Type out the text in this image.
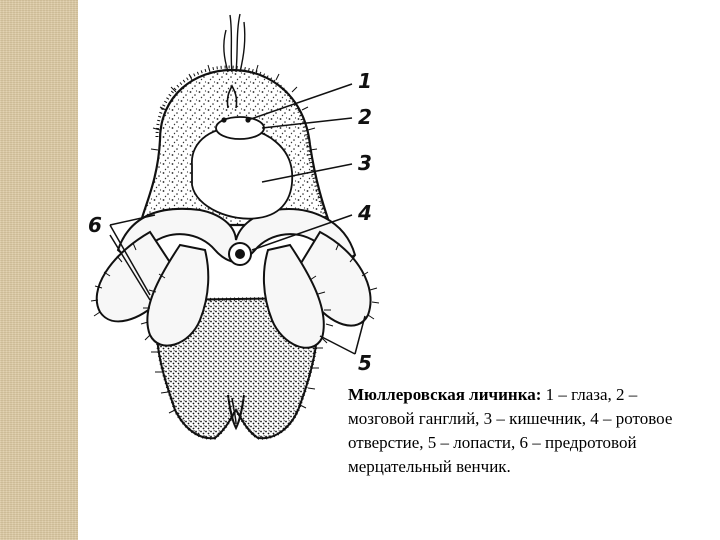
1
2
3
4
5
6
Мюллеровская личинка: 1 – глаза, 2 – мозговой ганглий, 3 – кишечник, 4 – ротовое отверстие, 5 – лопасти, 6 – предротовой мерцательный венчик.
